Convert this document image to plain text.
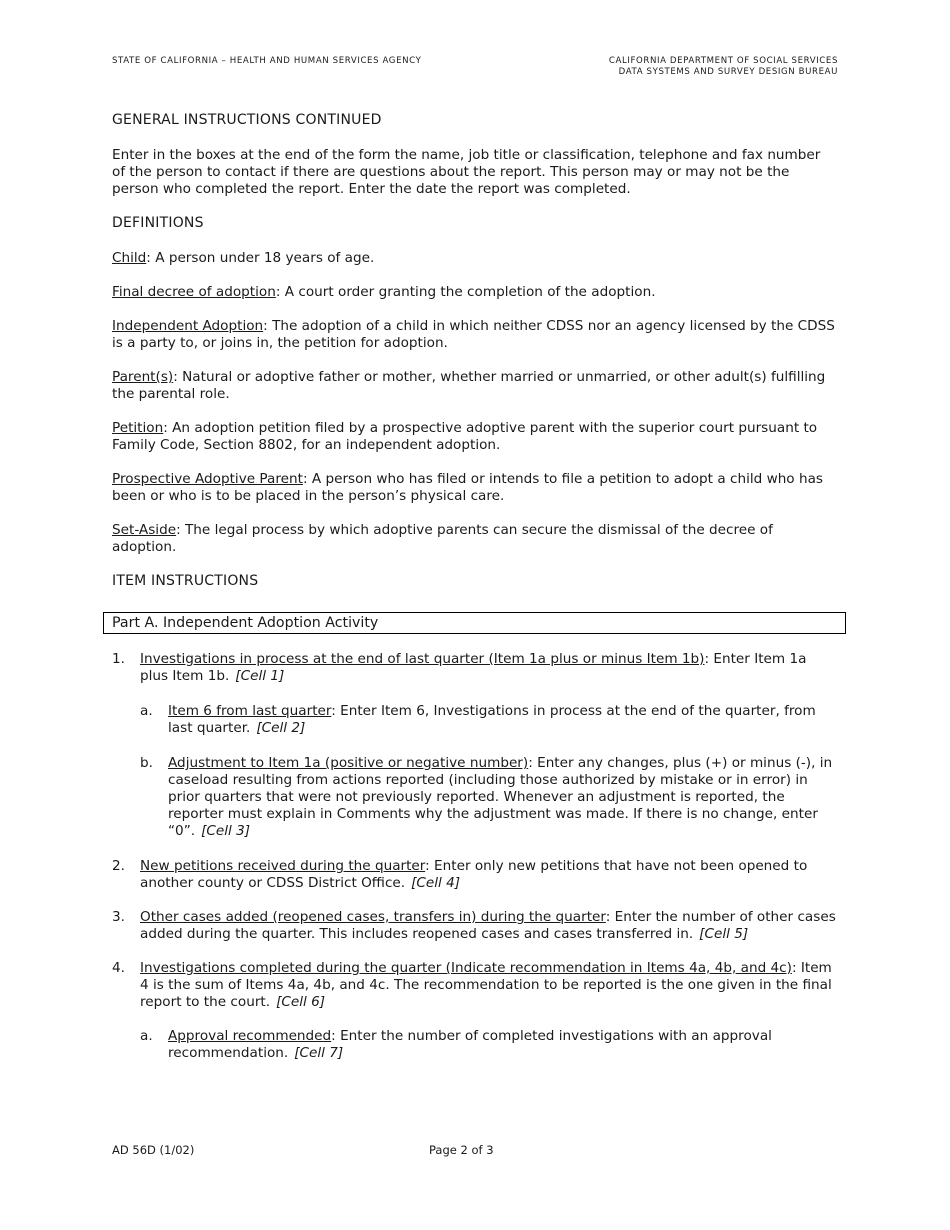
STATE OF CALIFORNIA – HEALTH AND HUMAN SERVICES AGENCY	CALIFORNIA DEPARTMENT OF SOCIAL SERVICES
DATA SYSTEMS AND SURVEY DESIGN BUREAU

GENERAL INSTRUCTIONS CONTINUED

Enter in the boxes at the end of the form the name, job title or classification, telephone and fax number of the person to contact if there are questions about the report. This person may or may not be the person who completed the report. Enter the date the report was completed.

DEFINITIONS

Child: A person under 18 years of age.

Final decree of adoption: A court order granting the completion of the adoption.

Independent Adoption: The adoption of a child in which neither CDSS nor an agency licensed by the CDSS is a party to, or joins in, the petition for adoption.

Parent(s): Natural or adoptive father or mother, whether married or unmarried, or other adult(s) fulfilling the parental role.

Petition: An adoption petition filed by a prospective adoptive parent with the superior court pursuant to Family Code, Section 8802, for an independent adoption.

Prospective Adoptive Parent: A person who has filed or intends to file a petition to adopt a child who has been or who is to be placed in the person’s physical care.

Set-Aside: The legal process by which adoptive parents can secure the dismissal of the decree of adoption.

ITEM INSTRUCTIONS

Part A. Independent Adoption Activity
1. Investigations in process at the end of last quarter (Item 1a plus or minus Item 1b): Enter Item 1a plus Item 1b. [Cell 1]
a. Item 6 from last quarter: Enter Item 6, Investigations in process at the end of the quarter, from last quarter. [Cell 2]
b. Adjustment to Item 1a (positive or negative number): Enter any changes, plus (+) or minus (-), in caseload resulting from actions reported (including those authorized by mistake or in error) in prior quarters that were not previously reported. Whenever an adjustment is reported, the reporter must explain in Comments why the adjustment was made. If there is no change, enter “0”. [Cell 3]
2. New petitions received during the quarter: Enter only new petitions that have not been opened to another county or CDSS District Office. [Cell 4]
3. Other cases added (reopened cases, transfers in) during the quarter: Enter the number of other cases added during the quarter. This includes reopened cases and cases transferred in. [Cell 5]
4. Investigations completed during the quarter (Indicate recommendation in Items 4a, 4b, and 4c): Item 4 is the sum of Items 4a, 4b, and 4c. The recommendation to be reported is the one given in the final report to the court. [Cell 6]
a. Approval recommended: Enter the number of completed investigations with an approval recommendation. [Cell 7]
AD 56D (1/02)	Page 2 of 3
